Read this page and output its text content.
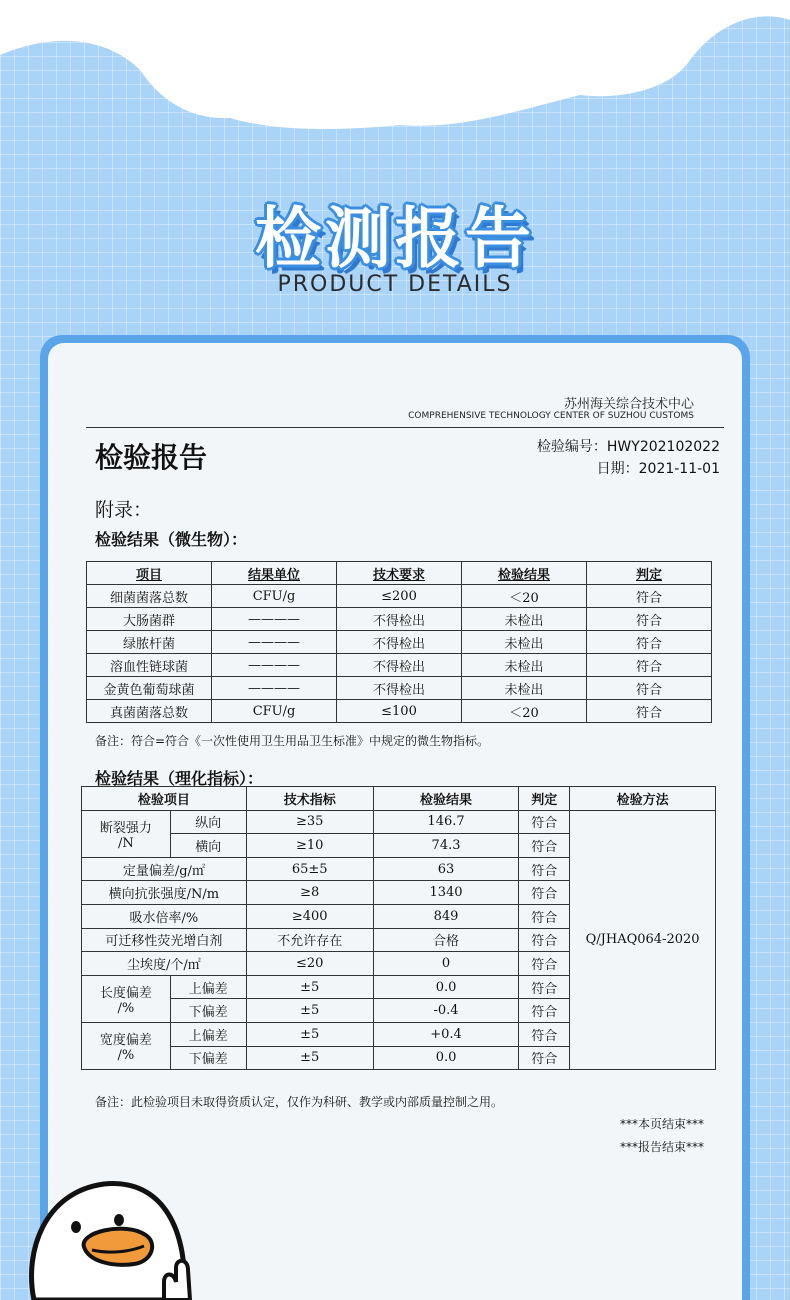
检测报告
PRODUCT DETAILS
苏州海关综合技术中心
COMPREHENSIVE TECHNOLOGY CENTER OF SUZHOU CUSTOMS
检验报告	检验编号：HWY202102022
日期：2021-11-01
附录：
检验结果（微生物）：
项目	结果单位	技术要求	检验结果	判定
细菌菌落总数	CFU/g	≤200	＜20	符合
大肠菌群	————	不得检出	未检出	符合
绿脓杆菌	————	不得检出	未检出	符合
溶血性链球菌	————	不得检出	未检出	符合
金黄色葡萄球菌	————	不得检出	未检出	符合
真菌菌落总数	CFU/g	≤100	＜20	符合
备注：符合=符合《一次性使用卫生用品卫生标准》中规定的微生物指标。
检验结果（理化指标）：
检验项目		技术指标	检验结果	判定	检验方法

断裂强力
/N	纵向	≥35	146.7	符合	Q/JHAQ064-2020
	横向	≥10	74.3	符合	
定量偏差/g/㎡		65±5	63	符合	
横向抗张强度/N/m		≥8	1340	符合	
吸水倍率/%		≥400	849	符合	
可迁移性荧光增白剂		不允许存在	合格	符合	
尘埃度/个/㎡		≤20	0	符合	

长度偏差
/%	上偏差	±5	0.0	符合	
	下偏差	±5	-0.4	符合	

宽度偏差
/%	上偏差	±5	+0.4	符合	
	下偏差	±5	0.0	符合	
备注：此检验项目未取得资质认定，仅作为科研、教学或内部质量控制之用。
***本页结束***
***报告结束***
